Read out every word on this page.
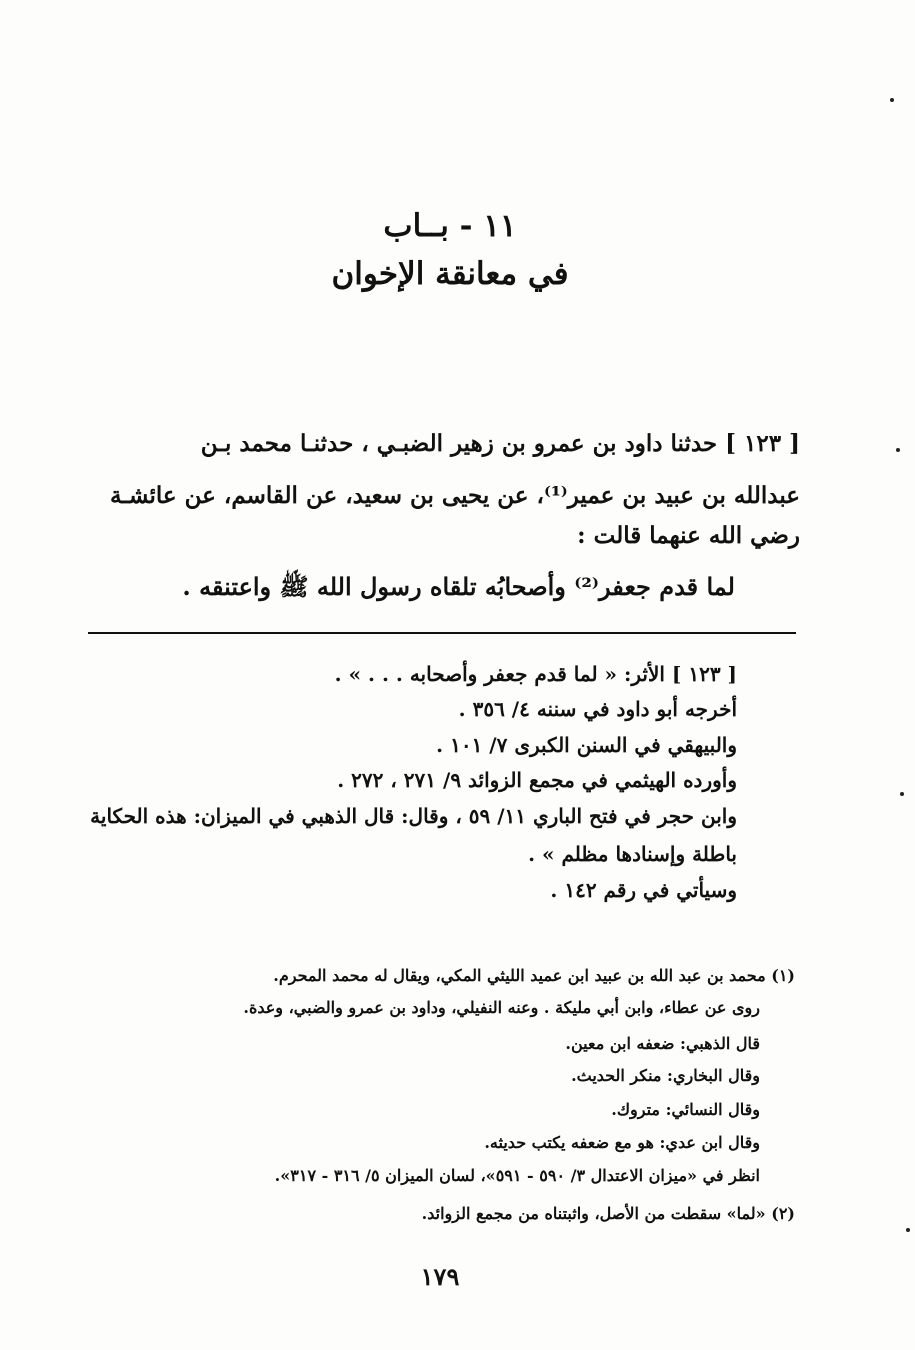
١١ - بــاب
في معانقة الإخوان
[ ١٢٣ ] حدثنا داود بن عمرو بن زهير الضبـي ، حدثنـا محمد بـن
عبدالله بن عبيد بن عمير⁽¹⁾، عن يحيى بن سعيد، عن القاسم، عن عائشـة
رضي الله عنهما قالت :
لما قدم جعفر⁽²⁾ وأصحابُه تلقاه رسول الله ﷺ واعتنقه .
[ ١٢٣ ] الأثر: « لما قدم جعفر وأصحابه . . . » .
أخرجه أبو داود في سننه ٤/ ٣٥٦ .
والبيهقي في السنن الكبرى ٧/ ١٠١ .
وأورده الهيثمي في مجمع الزوائد ٩/ ٢٧١ ، ٢٧٢ .
وابن حجر في فتح الباري ١١/ ٥٩ ، وقال: قال الذهبي في الميزان: هذه الحكاية
باطلة وإسنادها مظلم » .
وسيأتي في رقم ١٤٢ .
(١) محمد بن عبد الله بن عبيد ابن عميد الليثي المكي، ويقال له محمد المحرم.
روى عن عطاء، وابن أبي مليكة . وعنه النفيلي، وداود بن عمرو والضبي، وعدة.
قال الذهبي: ضعفه ابن معين.
وقال البخاري: منكر الحديث.
وقال النسائي: متروك.
وقال ابن عدي: هو مع ضعفه يكتب حديثه.
انظر في «ميزان الاعتدال ٣/ ٥٩٠ - ٥٩١»، لسان الميزان ٥/ ٣١٦ - ٣١٧».
(٢) «لما» سقطت من الأصل، واثبتناه من مجمع الزوائد.
١٧٩
